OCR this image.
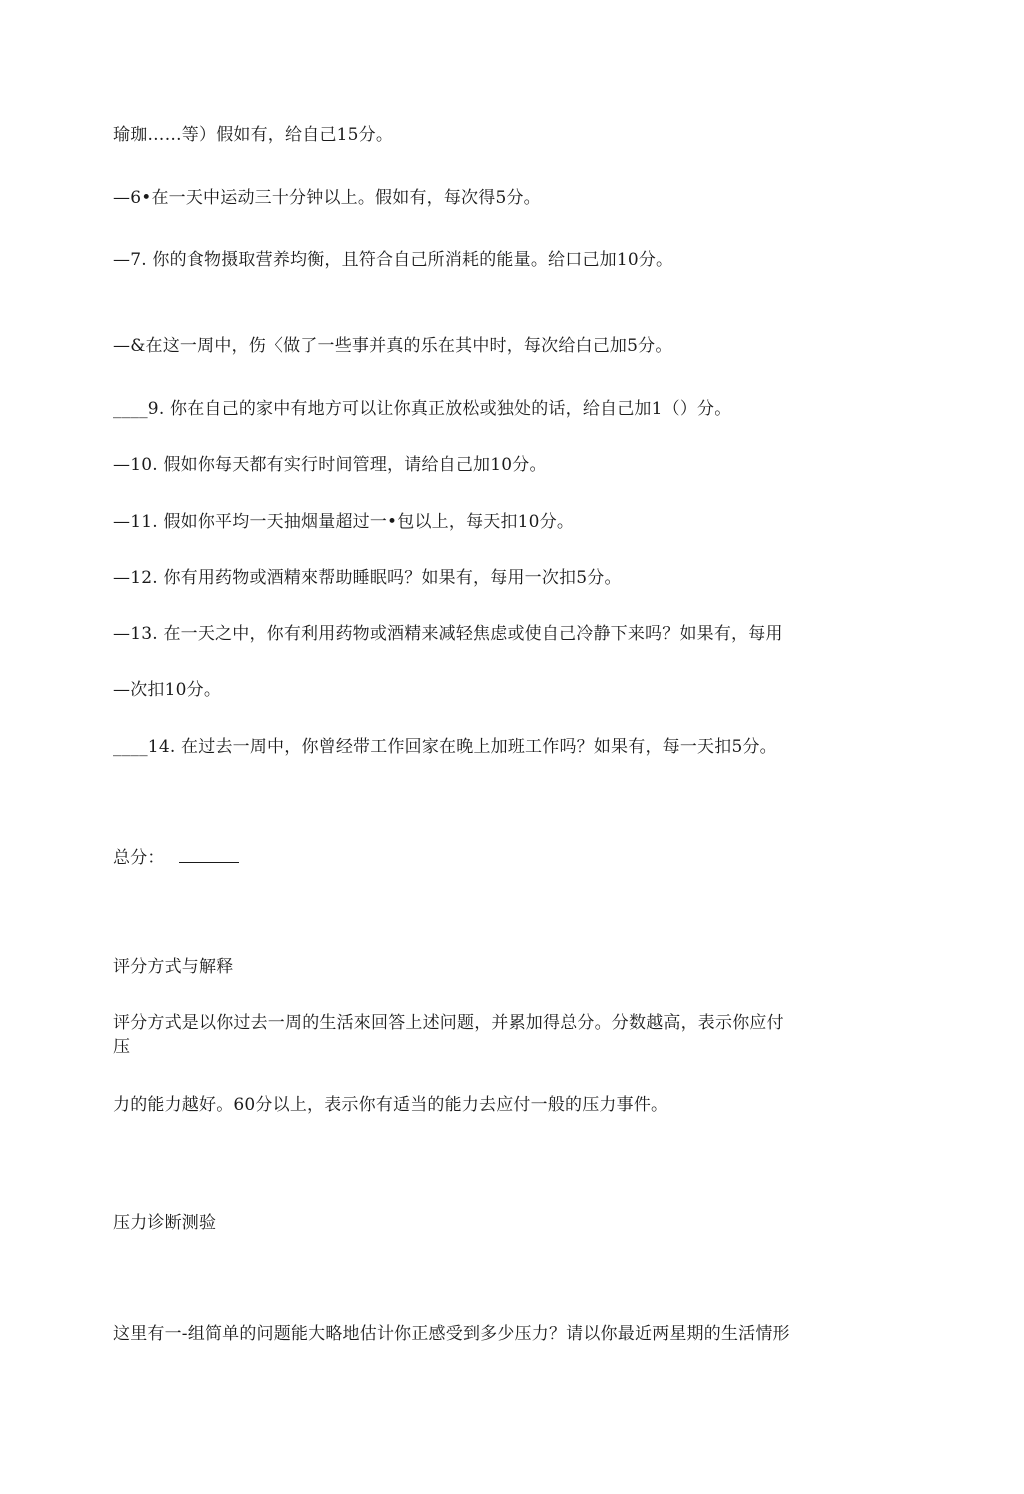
瑜珈……等）假如有，给自己15分。
—6•在一天中运动三十分钟以上。假如有，每次得5分。
—7. 你的食物摄取营养均衡，且符合自己所消耗的能量。给口己加10分。
—&在这一周中，伤〈做了一些事并真的乐在其中时，每次给白己加5分。
____9. 你在自己的家中有地方可以让你真正放松或独处的话，给自己加1（）分。
—10. 假如你每天都有实行时间管理，请给自己加10分。
—11. 假如你平均一天抽烟量超过一•包以上，每天扣10分。
—12. 你有用药物或酒精來帮助睡眠吗？如果有，每用一次扣5分。
—13. 在一天之中，你有利用药物或酒精来减轻焦虑或使自己冷静下来吗？如果有，每用
—次扣10分。
____14. 在过去一周中，你曾经带工作回家在晚上加班工作吗？如果有，每一天扣5分。
总分：
评分方式与解释
评分方式是以你过去一周的生活來回答上述问题，并累加得总分。分数越高，表示你应付
压
力的能力越好。60分以上，表示你有适当的能力去应付一般的压力事件。
压力诊断测验
这里有一-组简单的问题能大略地估计你正感受到多少压力？请以你最近两星期的生活情形
